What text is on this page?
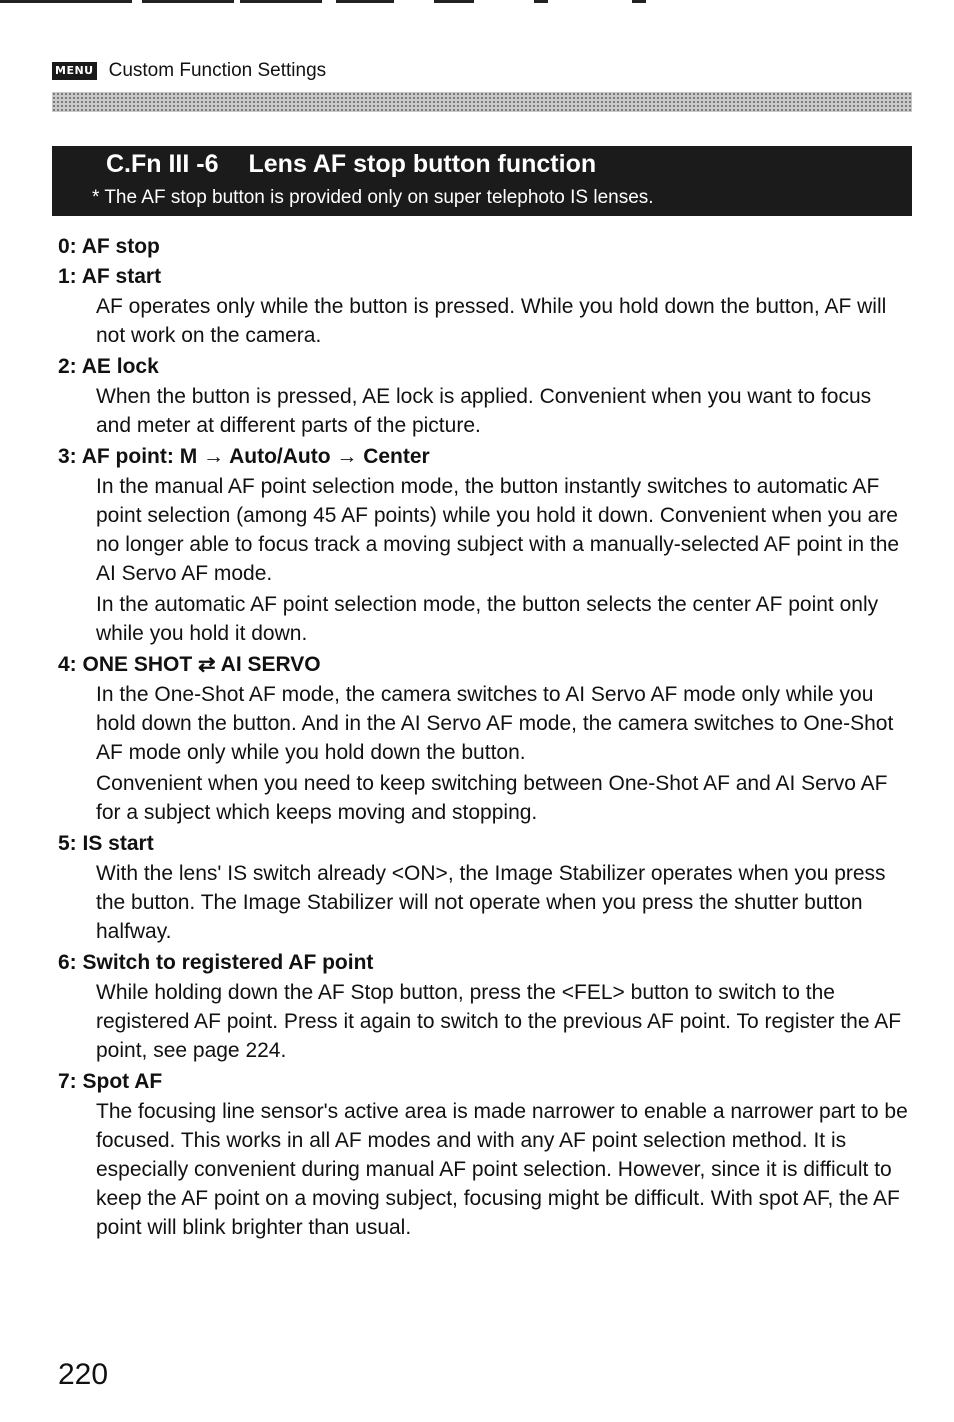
MENU Custom Function Settings
C.Fn III -6 Lens AF stop button function
* The AF stop button is provided only on super telephoto IS lenses.

0: AF stop

1: AF start

AF operates only while the button is pressed. While you hold down the button, AF will not work on the camera.

2: AE lock

When the button is pressed, AE lock is applied. Convenient when you want to focus and meter at different parts of the picture.

3: AF point: M → Auto/Auto → Center

In the manual AF point selection mode, the button instantly switches to automatic AF point selection (among 45 AF points) while you hold it down. Convenient when you are no longer able to focus track a moving subject with a manually-selected AF point in the AI Servo AF mode.

In the automatic AF point selection mode, the button selects the center AF point only while you hold it down.

4: ONE SHOT ⇄ AI SERVO

In the One-Shot AF mode, the camera switches to AI Servo AF mode only while you hold down the button. And in the AI Servo AF mode, the camera switches to One-Shot AF mode only while you hold down the button.

Convenient when you need to keep switching between One-Shot AF and AI Servo AF for a subject which keeps moving and stopping.

5: IS start

With the lens' IS switch already <ON>, the Image Stabilizer operates when you press the button. The Image Stabilizer will not operate when you press the shutter button halfway.

6: Switch to registered AF point

While holding down the AF Stop button, press the <FEL> button to switch to the registered AF point. Press it again to switch to the previous AF point. To register the AF point, see page 224.

7: Spot AF

The focusing line sensor's active area is made narrower to enable a narrower part to be focused. This works in all AF modes and with any AF point selection method. It is especially convenient during manual AF point selection. However, since it is difficult to keep the AF point on a moving subject, focusing might be difficult. With spot AF, the AF point will blink brighter than usual.

220
